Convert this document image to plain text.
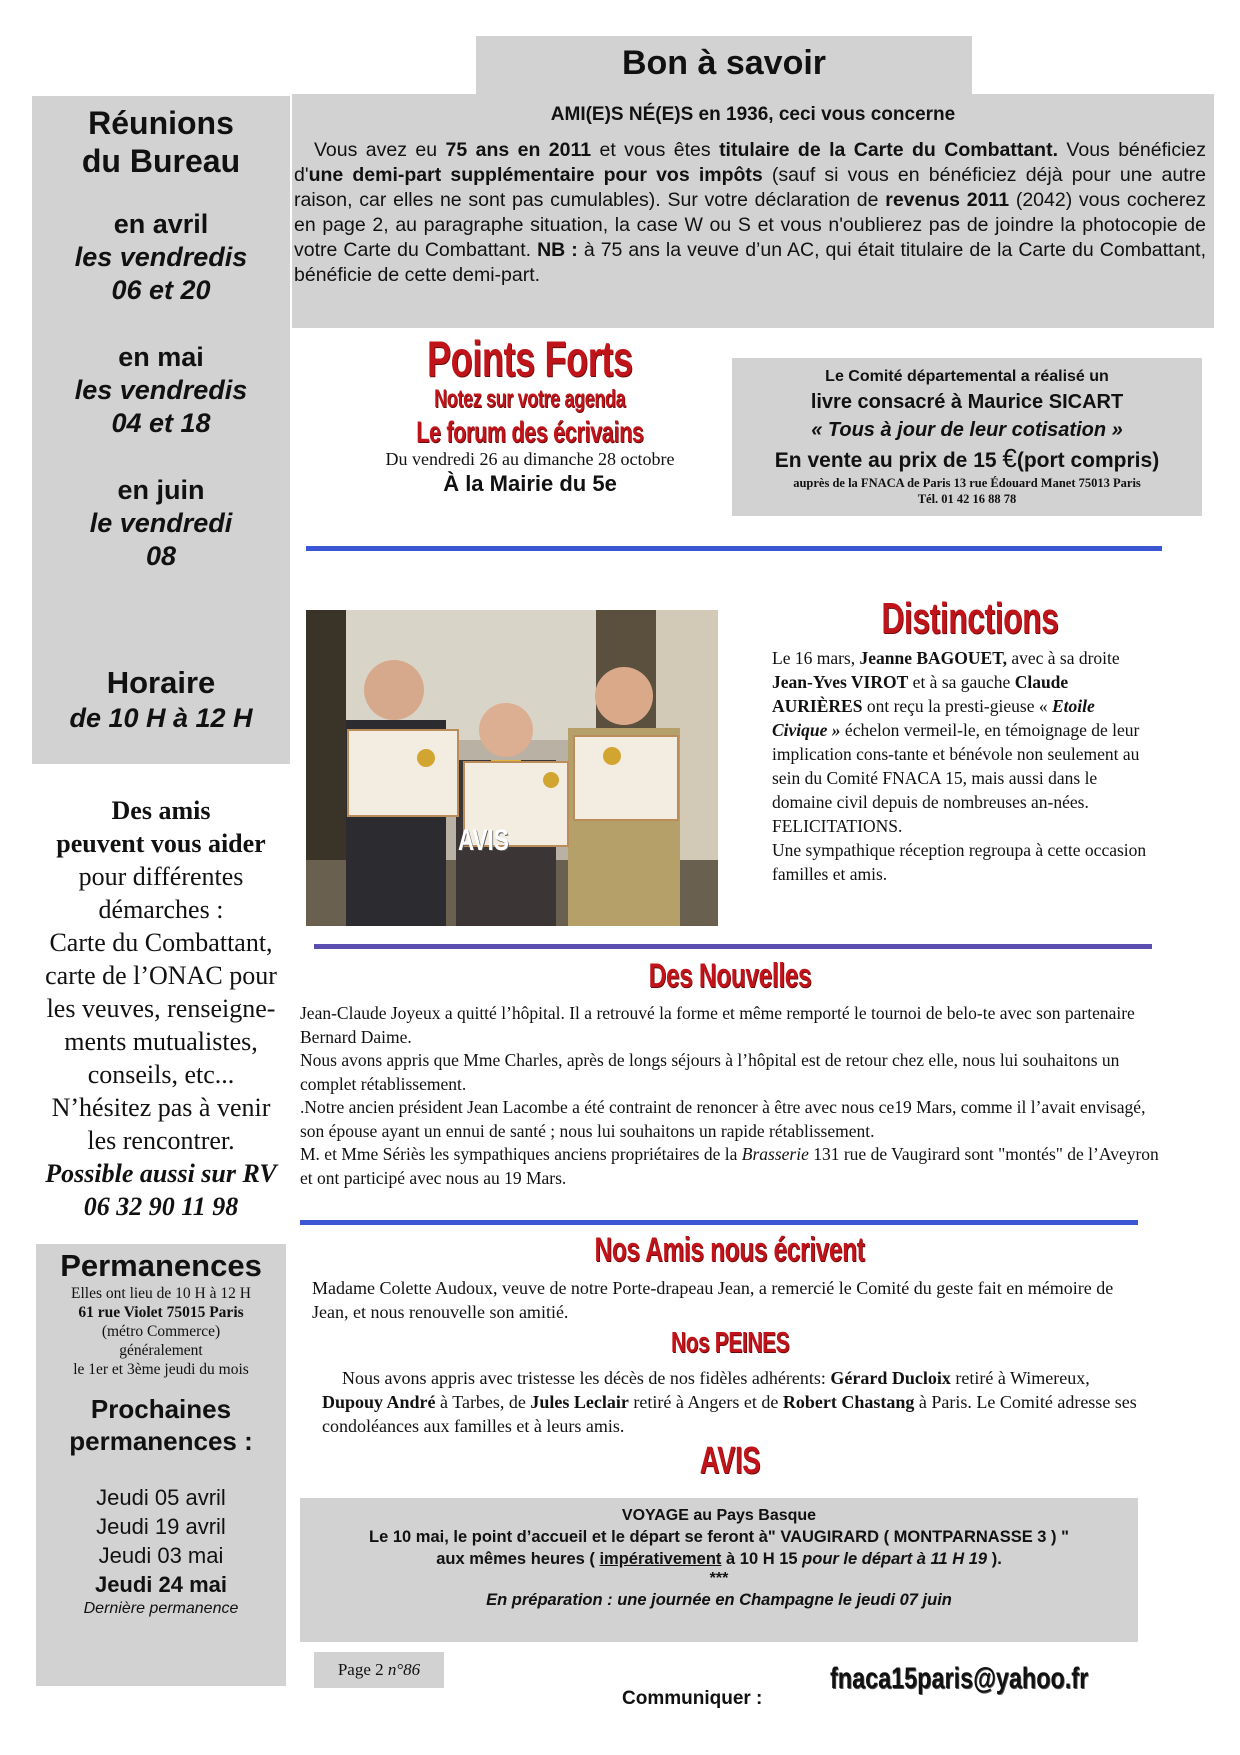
Bon à savoir
AMI(E)S NÉ(E)S en 1936, ceci vous concerne
Vous avez eu 75 ans en 2011 et vous êtes titulaire de la Carte du Combattant. Vous bénéficiez d'une demi-part supplémentaire pour vos impôts (sauf si vous en bénéficiez déjà pour une autre raison, car elles ne sont pas cumulables). Sur votre déclaration de revenus 2011 (2042) vous cocherez en page 2, au paragraphe situation, la case W ou S et vous n'oublierez pas de joindre la photocopie de votre Carte du Combattant. NB : à 75 ans la veuve d’un AC, qui était titulaire de la Carte du Combattant, bénéficie de cette demi-part.
Réunions
du Bureau
en avril
les vendredis
06 et 20
en mai
les vendredis
04 et 18
en juin
le vendredi
08
Horaire
de 10 H à 12 H
Points Forts
Notez sur votre agenda
Le forum des écrivains
Du vendredi 26 au dimanche 28 octobre
À la Mairie du 5e
Le Comité départemental a réalisé un
livre consacré à Maurice SICART
« Tous à jour de leur cotisation »
En vente au prix de 15 €(port compris)
auprès de la FNACA de Paris 13 rue Édouard Manet 75013 Paris
Tél. 01 42 16 88 78
AVIS
Distinctions
Le 16 mars, Jeanne BAGOUET, avec à sa droite Jean-Yves VIROT et à sa gauche Claude AURIÈRES ont reçu la presti-gieuse « Etoile Civique » échelon vermeil-le, en témoignage de leur implication cons-tante et bénévole non seulement au sein du Comité FNACA 15, mais aussi dans le domaine civil depuis de nombreuses an-nées. FELICITATIONS.
Une sympathique réception regroupa à cette occasion familles et amis.
Des amis
peuvent vous aider
pour différentes
démarches :
Carte du Combattant,
carte de l’ONAC pour
les veuves, renseigne-
ments mutualistes,
conseils, etc...
N’hésitez pas à venir
les rencontrer.
Possible aussi sur RV
06 32 90 11 98
Des Nouvelles

Jean-Claude Joyeux a quitté l’hôpital. Il a retrouvé la forme et même remporté le tournoi de belo-te avec son partenaire Bernard Daime.

Nous avons appris que Mme Charles, après de longs séjours à l’hôpital est de retour chez elle, nous lui souhaitons un complet rétablissement.

.Notre ancien président Jean Lacombe a été contraint de renoncer à être avec nous ce19 Mars, comme il l’avait envisagé, son épouse ayant un ennui de santé ; nous lui souhaitons un rapide rétablissement.

M. et Mme Sériès les sympathiques anciens propriétaires de la Brasserie 131 rue de Vaugirard sont "montés" de l’Aveyron et ont participé avec nous au 19 Mars.

Nos Amis nous écrivent
Madame Colette Audoux, veuve de notre Porte-drapeau Jean, a remercié le Comité du geste fait en mémoire de Jean, et nous renouvelle son amitié.
Nos PEINES
Nous avons appris avec tristesse les décès de nos fidèles adhérents: Gérard Ducloix retiré à Wimereux, Dupouy André à Tarbes, de Jules Leclair retiré à Angers et de Robert Chastang à Paris. Le Comité adresse ses condoléances aux familles et à leurs amis.
AVIS
VOYAGE au Pays Basque
Le 10 mai, le point d’accueil et le départ se feront à" VAUGIRARD ( MONTPARNASSE 3 ) "
aux mêmes heures ( impérativement à 10 H 15 pour le départ à 11 H 19 ).
***
En préparation : une journée en Champagne le jeudi 07 juin
Permanences
Elles ont lieu de 10 H à 12 H
61 rue Violet 75015 Paris
(métro Commerce)
généralement
le 1er et 3ème jeudi du mois
Prochaines
permanences :
Jeudi 05 avril
Jeudi 19 avril
Jeudi 03 mai
Jeudi 24 mai
Dernière permanence
Page 2 n°86
Communiquer :
fnaca15paris@yahoo.fr
